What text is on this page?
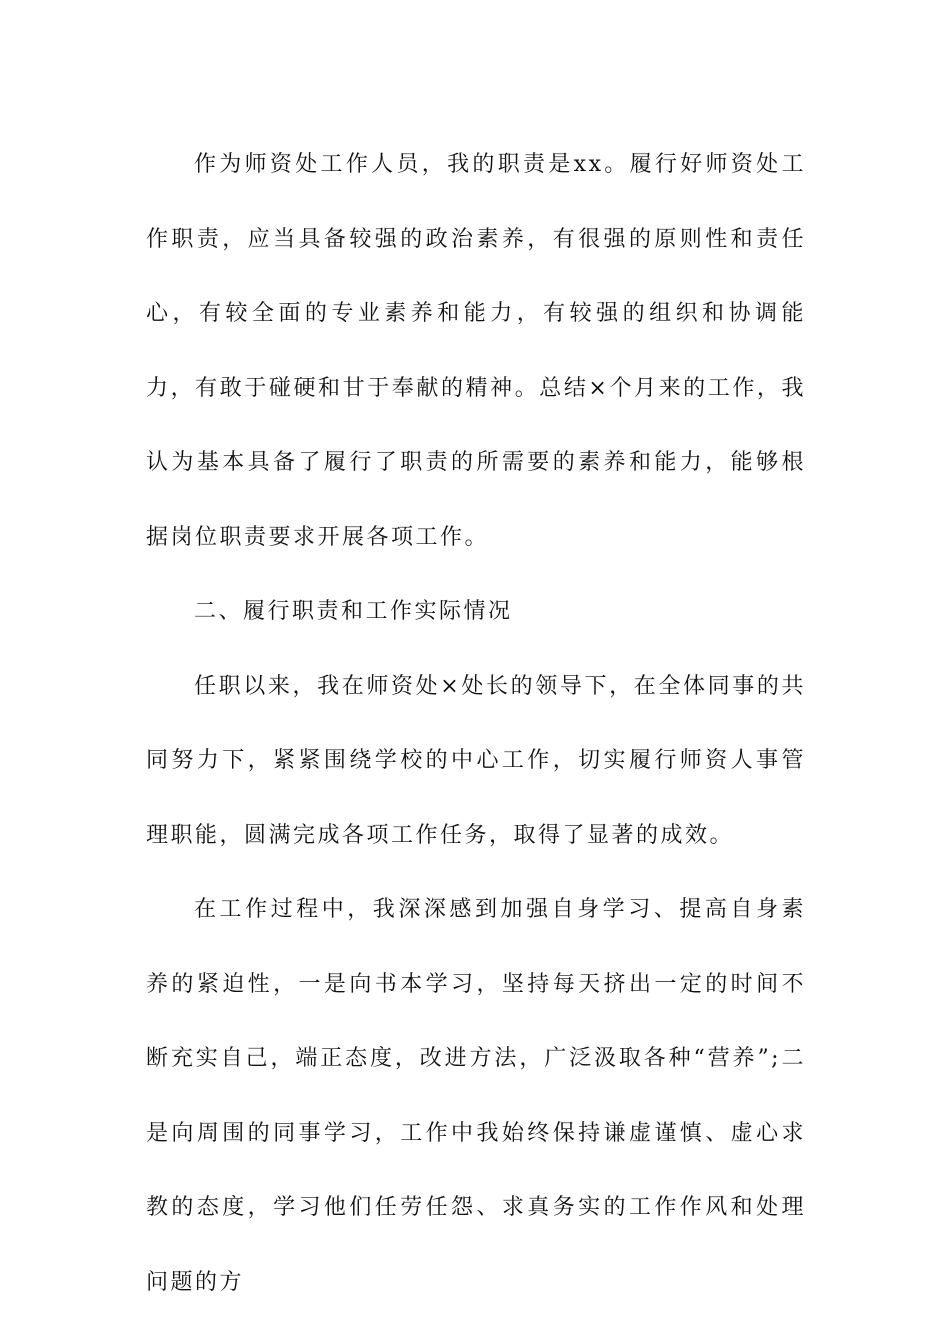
作为师资处工作人员，我的职责是xx。履行好师资处工作职责，应当具备较强的政治素养，有很强的原则性和责任心，有较全面的专业素养和能力，有较强的组织和协调能力，有敢于碰硬和甘于奉献的精神。总结×个月来的工作，我认为基本具备了履行了职责的所需要的素养和能力，能够根据岗位职责要求开展各项工作。

二、履行职责和工作实际情况

任职以来，我在师资处×处长的领导下，在全体同事的共同努力下，紧紧围绕学校的中心工作，切实履行师资人事管理职能，圆满完成各项工作任务，取得了显著的成效。

在工作过程中，我深深感到加强自身学习、提高自身素养的紧迫性，一是向书本学习，坚持每天挤出一定的时间不断充实自己，端正态度，改进方法，广泛汲取各种“营养”;二是向周围的同事学习，工作中我始终保持谦虚谨慎、虚心求教的态度，学习他们任劳任怨、求真务实的工作作风和处理问题的方
